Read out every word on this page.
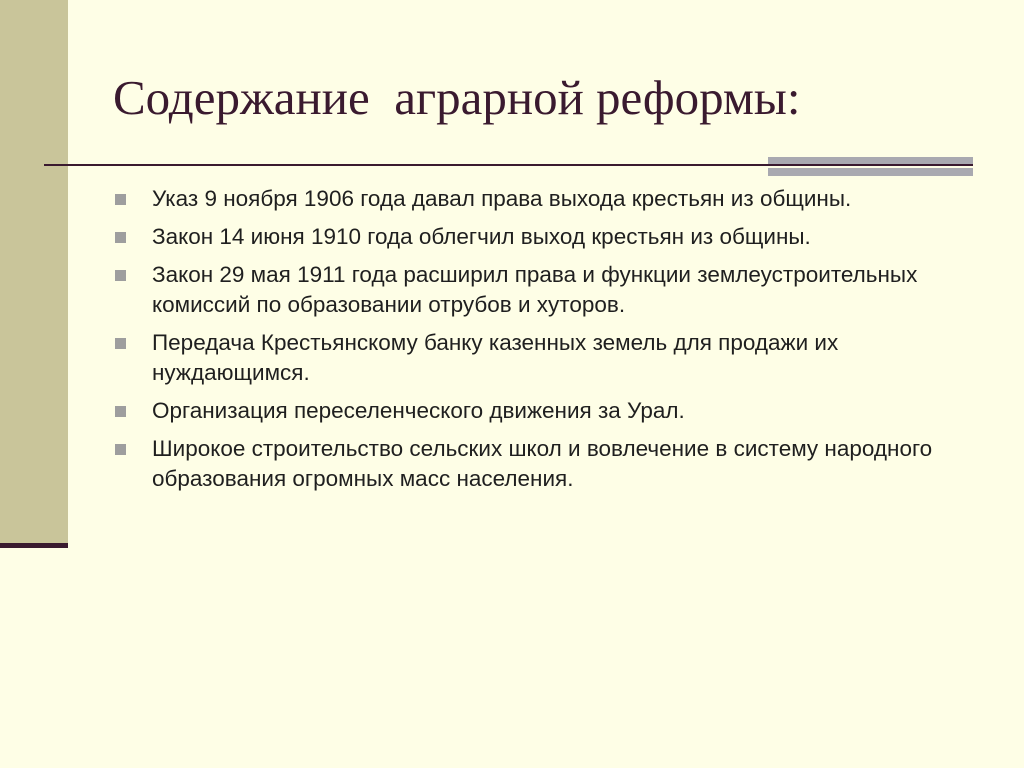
Содержание  аграрной реформы:
Указ 9 ноября 1906 года давал права выхода крестьян из общины.
Закон 14 июня 1910 года облегчил выход крестьян из общины.
Закон 29 мая 1911 года расширил права и функции землеустроительных комиссий по образовании отрубов и хуторов.
Передача Крестьянскому банку казенных земель для продажи их нуждающимся.
Организация переселенческого движения за Урал.
Широкое строительство сельских школ и вовлечение в систему народного образования огромных масс населения.
